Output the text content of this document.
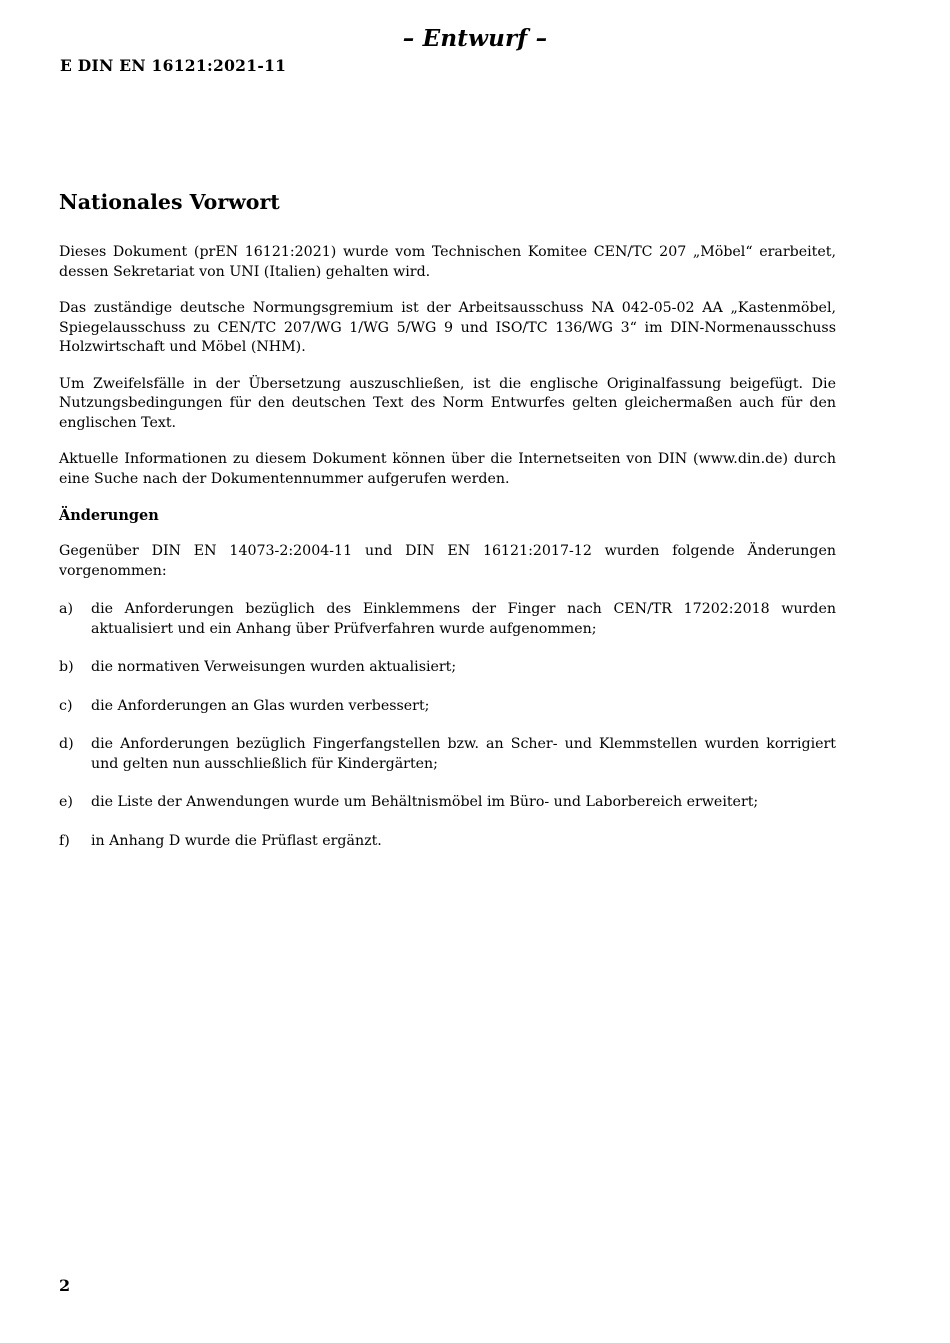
– Entwurf –
E DIN EN 16121:2021-11
Nationales Vorwort

Dieses Dokument (prEN 16121:2021) wurde vom Technischen Komitee CEN/TC 207 „Möbel“ erarbeitet, dessen Sekretariat von UNI (Italien) gehalten wird.

Das zuständige deutsche Normungsgremium ist der Arbeitsausschuss NA 042-05-02 AA „Kastenmöbel, Spiegelausschuss zu CEN/TC 207/WG 1/WG 5/WG 9 und ISO/TC 136/WG 3“ im DIN-Normenausschuss Holzwirtschaft und Möbel (NHM).

Um Zweifelsfälle in der Übersetzung auszuschließen, ist die englische Originalfassung beigefügt. Die Nutzungsbedingungen für den deutschen Text des Norm Entwurfes gelten gleichermaßen auch für den englischen Text.

Aktuelle Informationen zu diesem Dokument können über die Internetseiten von DIN (www.din.de) durch eine Suche nach der Dokumentennummer aufgerufen werden.

Änderungen

Gegenüber DIN EN 14073-2:2004-11 und DIN EN 16121:2017-12 wurden folgende Änderungen vorgenommen:

a)	die Anforderungen bezüglich des Einklemmens der Finger nach CEN/TR 17202:2018 wurden aktualisiert und ein Anhang über Prüfverfahren wurde aufgenommen;
b)	die normativen Verweisungen wurden aktualisiert;
c)	die Anforderungen an Glas wurden verbessert;
d)	die Anforderungen bezüglich Fingerfangstellen bzw. an Scher- und Klemmstellen wurden korrigiert und gelten nun ausschließlich für Kindergärten;
e)	die Liste der Anwendungen wurde um Behältnismöbel im Büro- und Laborbereich erweitert;
f)	in Anhang D wurde die Prüflast ergänzt.
2
